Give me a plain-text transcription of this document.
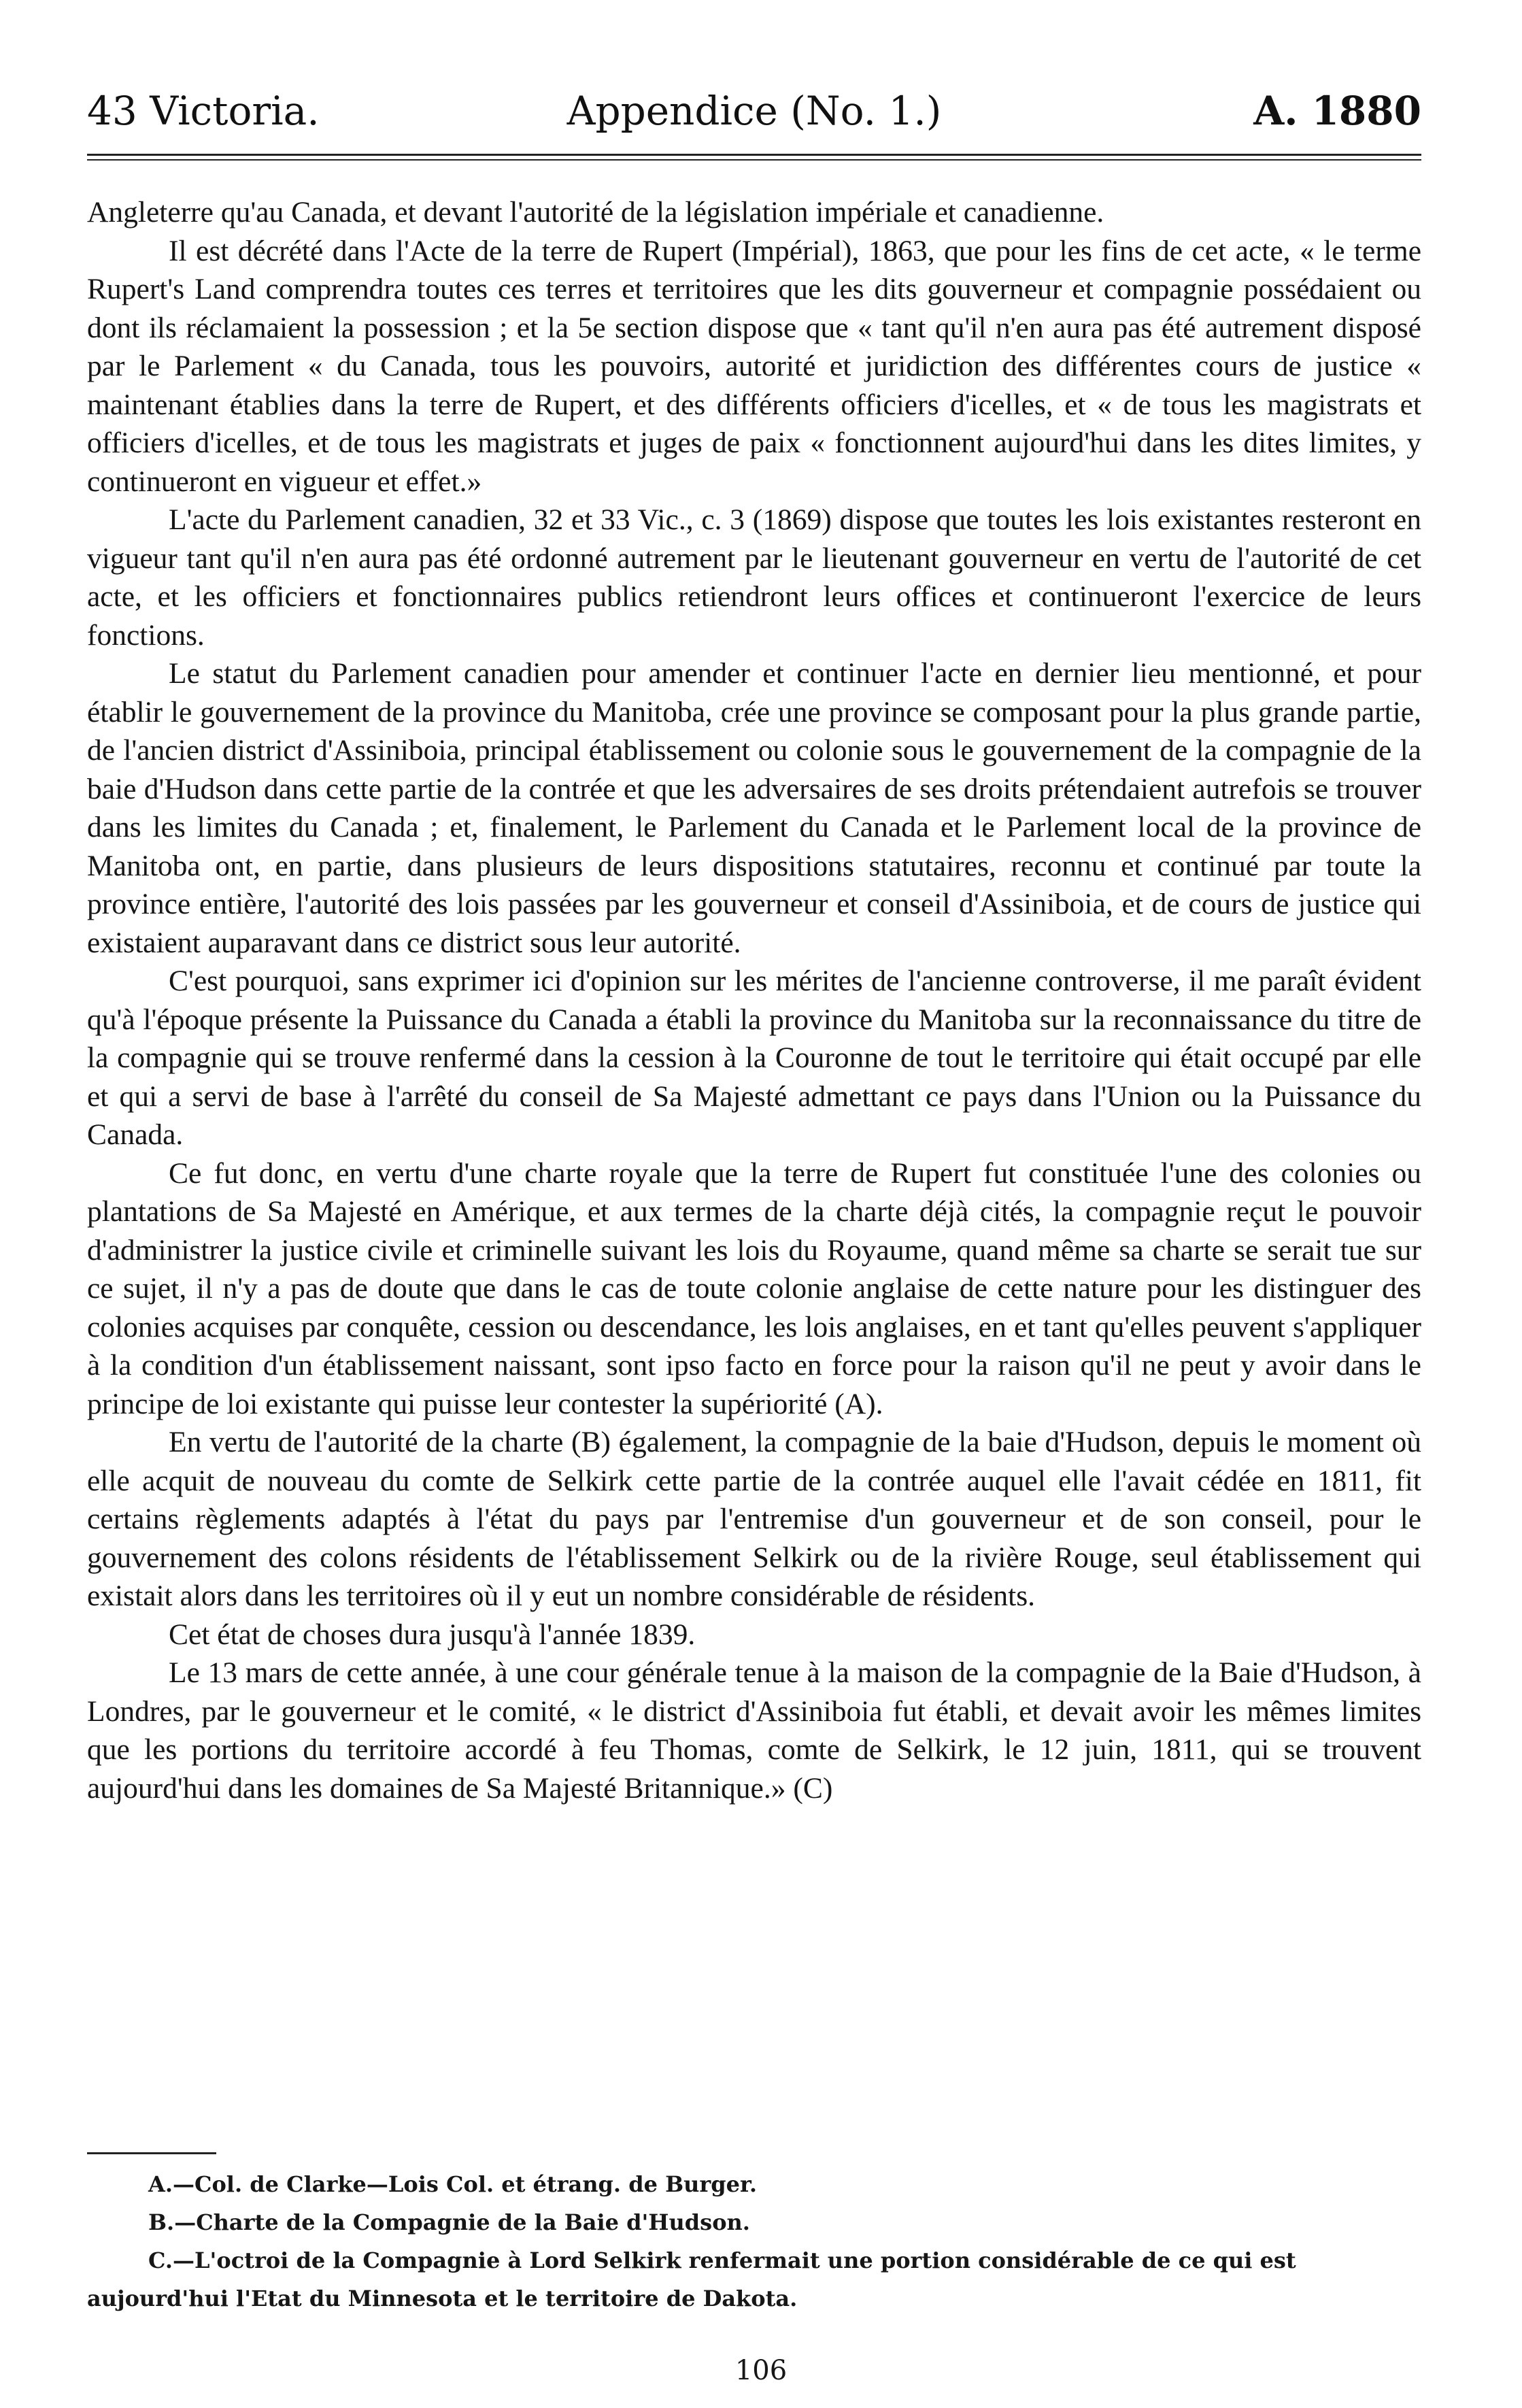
43 Victoria.	Appendice (No. 1.)	A. 1880

Angleterre qu'au Canada, et devant l'autorité de la législation impériale et canadienne.

Il est décrété dans l'Acte de la terre de Rupert (Impérial), 1863, que pour les fins de cet acte, « le terme Rupert's Land comprendra toutes ces terres et territoires que les dits gouverneur et compagnie possédaient ou dont ils réclamaient la possession ; et la 5e section dispose que « tant qu'il n'en aura pas été autrement disposé par le Parlement « du Canada, tous les pouvoirs, autorité et juridiction des différentes cours de justice « maintenant établies dans la terre de Rupert, et des différents officiers d'icelles, et « de tous les magistrats et officiers d'icelles, et de tous les magistrats et juges de paix « fonctionnent aujourd'hui dans les dites limites, y continueront en vigueur et effet.»

L'acte du Parlement canadien, 32 et 33 Vic., c. 3 (1869) dispose que toutes les lois existantes resteront en vigueur tant qu'il n'en aura pas été ordonné autrement par le lieutenant gouverneur en vertu de l'autorité de cet acte, et les officiers et fonctionnaires publics retiendront leurs offices et continueront l'exercice de leurs fonctions.

Le statut du Parlement canadien pour amender et continuer l'acte en dernier lieu mentionné, et pour établir le gouvernement de la province du Manitoba, crée une province se composant pour la plus grande partie, de l'ancien district d'Assiniboia, principal établissement ou colonie sous le gouvernement de la compagnie de la baie d'Hudson dans cette partie de la contrée et que les adversaires de ses droits prétendaient autrefois se trouver dans les limites du Canada ; et, finalement, le Parlement du Canada et le Parlement local de la province de Manitoba ont, en partie, dans plusieurs de leurs dispositions statutaires, reconnu et continué par toute la province entière, l'autorité des lois passées par les gouverneur et conseil d'Assiniboia, et de cours de justice qui existaient auparavant dans ce district sous leur autorité.

C'est pourquoi, sans exprimer ici d'opinion sur les mérites de l'ancienne controverse, il me paraît évident qu'à l'époque présente la Puissance du Canada a établi la province du Manitoba sur la reconnaissance du titre de la compagnie qui se trouve renfermé dans la cession à la Couronne de tout le territoire qui était occupé par elle et qui a servi de base à l'arrêté du conseil de Sa Majesté admettant ce pays dans l'Union ou la Puissance du Canada.

Ce fut donc, en vertu d'une charte royale que la terre de Rupert fut constituée l'une des colonies ou plantations de Sa Majesté en Amérique, et aux termes de la charte déjà cités, la compagnie reçut le pouvoir d'administrer la justice civile et criminelle suivant les lois du Royaume, quand même sa charte se serait tue sur ce sujet, il n'y a pas de doute que dans le cas de toute colonie anglaise de cette nature pour les distinguer des colonies acquises par conquête, cession ou descendance, les lois anglaises, en et tant qu'elles peuvent s'appliquer à la condition d'un établissement naissant, sont ipso facto en force pour la raison qu'il ne peut y avoir dans le principe de loi existante qui puisse leur contester la supériorité (A).

En vertu de l'autorité de la charte (B) également, la compagnie de la baie d'Hudson, depuis le moment où elle acquit de nouveau du comte de Selkirk cette partie de la contrée auquel elle l'avait cédée en 1811, fit certains règlements adaptés à l'état du pays par l'entremise d'un gouverneur et de son conseil, pour le gouvernement des colons résidents de l'établissement Selkirk ou de la rivière Rouge, seul établissement qui existait alors dans les territoires où il y eut un nombre considérable de résidents.

Cet état de choses dura jusqu'à l'année 1839.

Le 13 mars de cette année, à une cour générale tenue à la maison de la compagnie de la Baie d'Hudson, à Londres, par le gouverneur et le comité, « le district d'Assiniboia fut établi, et devait avoir les mêmes limites que les portions du territoire accordé à feu Thomas, comte de Selkirk, le 12 juin, 1811, qui se trouvent aujourd'hui dans les domaines de Sa Majesté Britannique.» (C)

A.—Col. de Clarke—Lois Col. et étrang. de Burger.

B.—Charte de la Compagnie de la Baie d'Hudson.

C.—L'octroi de la Compagnie à Lord Selkirk renfermait une portion considérable de ce qui est aujourd'hui l'Etat du Minnesota et le territoire de Dakota.

106
